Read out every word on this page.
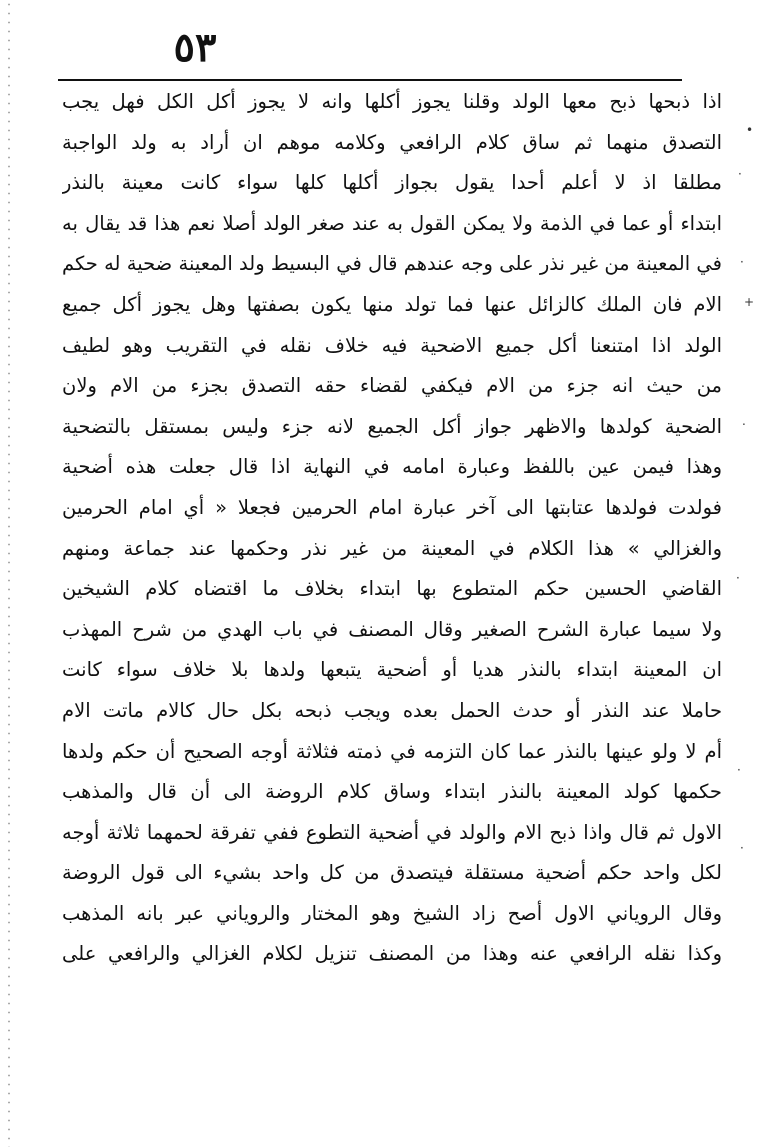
٥٣
اذا ذبحها ذبح معها الولد وقلنا يجوز أكلها وانه لا يجوز أكل الكل فهل يجب
التصدق منهما ثم ساق كلام الرافعي وكلامه موهم ان أراد به ولد الواجبة
مطلقا اذ لا أعلم أحدا يقول بجواز أكلها كلها سواء كانت معينة بالنذر
ابتداء أو عما في الذمة ولا يمكن القول به عند صغر الولد أصلا نعم هذا قد يقال به
في المعينة من غير نذر على وجه عندهم قال في البسيط ولد المعينة ضحية له حكم
الام فان الملك كالزائل عنها فما تولد منها يكون بصفتها وهل يجوز أكل جميع
الولد اذا امتنعنا أكل جميع الاضحية فيه خلاف نقله في التقريب وهو لطيف
من حيث انه جزء من الام فيكفي لقضاء حقه التصدق بجزء من الام ولان
الضحية كولدها والاظهر جواز أكل الجميع لانه جزء وليس بمستقل بالتضحية
وهذا فيمن عين باللفظ وعبارة امامه في النهاية اذا قال جعلت هذه أضحية
فولدت فولدها عتابتها الى آخر عبارة امام الحرمين فجعلا « أي امام الحرمين
والغزالي » هذا الكلام في المعينة من غير نذر وحكمها عند جماعة ومنهم
القاضي الحسين حكم المتطوع بها ابتداء بخلاف ما اقتضاه كلام الشيخين
ولا سيما عبارة الشرح الصغير وقال المصنف في باب الهدي من شرح المهذب
ان المعينة ابتداء بالنذر هديا أو أضحية يتبعها ولدها بلا خلاف سواء كانت
حاملا عند النذر أو حدث الحمل بعده ويجب ذبحه بكل حال كالام ماتت الام
أم لا ولو عينها بالنذر عما كان التزمه في ذمته فثلاثة أوجه الصحيح أن حكم ولدها
حكمها كولد المعينة بالنذر ابتداء وساق كلام الروضة الى أن قال والمذهب
الاول ثم قال واذا ذبح الام والولد في أضحية التطوع ففي تفرقة لحمهما ثلاثة أوجه
لكل واحد حكم أضحية مستقلة فيتصدق من كل واحد بشيء الى قول الروضة
وقال الروياني الاول أصح زاد الشيخ وهو المختار والروياني عبر بانه المذهب
وكذا نقله الرافعي عنه وهذا من المصنف تنزيل لكلام الغزالي والرافعي على
•
·
·
+
.
·
·
·
